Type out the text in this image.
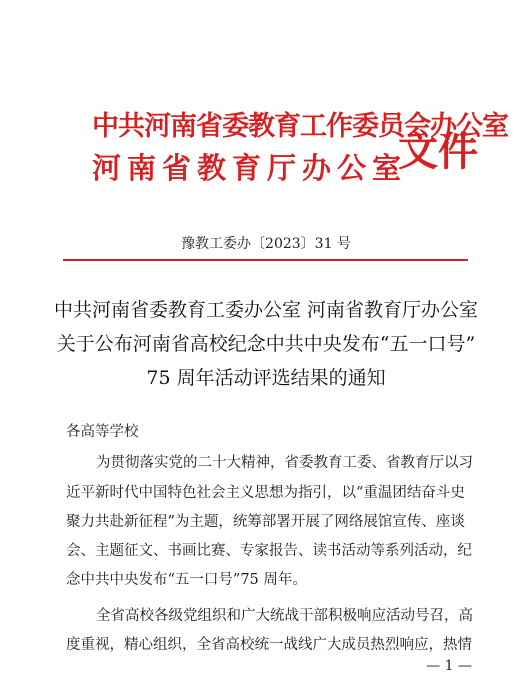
中共河南省委教育工作委员会办公室
河南省教育厅办公室
文件
豫教工委办〔2023〕31 号
中共河南省委教育工委办公室 河南省教育厅办公室
关于公布河南省高校纪念中共中央发布“五一口号”
75 周年活动评选结果的通知
各高等学校
为贯彻落实党的二十大精神，省委教育工委、省教育厅以习
近平新时代中国特色社会主义思想为指引，以“重温团结奋斗史
聚力共赴新征程”为主题，统筹部署开展了网络展馆宣传、座谈
会、主题征文、书画比赛、专家报告、读书活动等系列活动，纪
念中共中央发布“五一口号”75 周年。
全省高校各级党组织和广大统战干部积极响应活动号召，高
度重视，精心组织，全省高校统一战线广大成员热烈响应，热情
— 1 —
